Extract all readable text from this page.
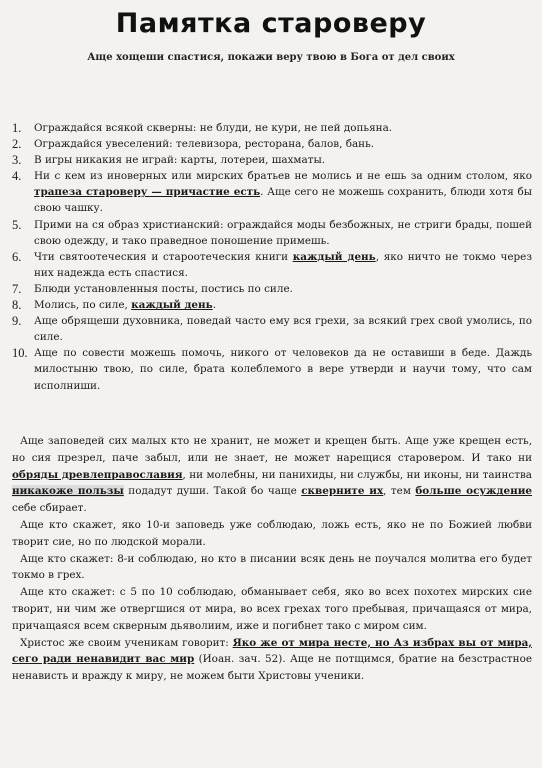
Памятка староверу
Аще хощеши спастися, покажи веру твою в Бога от дел своих
1.	Ограждайся всякой скверны: не блуди, не кури, не пей допьяна.
2.	Ограждайся увеселений: телевизора, ресторана, балов, бань.
3.	В игры никакия не играй: карты, лотереи, шахматы.
4.	Ни с кем из иноверных или мирских братьев не молись и не ешь за одним столом, яко трапеза староверу — причастие есть. Аще сего не можешь сохранить, блюди хотя бы свою чашку.
5.	Прими на ся образ христианский: ограждайся моды безбожных, не стриги брады, пошей свою одежду, и тако праведное поношение примешь.
6.	Чти святоотеческия и староотеческия книги каждый день, яко ничто не токмо через них надежда есть спастися.
7.	Блюди установленныя посты, постись по силе.
8.	Молись, по силе, каждый день.
9.	Аще обрящеши духовника, поведай часто ему вся грехи, за всякий грех свой умолись, по силе.
10. Аще по совести можешь помочь, никого от человеков да не оставиши в беде. Даждь милостыню твою, по силе, брата колеблемого в вере утверди и научи тому, что сам исполниши.
Аще заповедей сих малых кто не хранит, не может и крещен быть. Аще уже крещен есть, но сия презрел, паче забыл, или не знает, не может нарещися старовером. И тако ни обряды древлеправославия, ни молебны, ни панихиды, ни службы, ни иконы, ни таинства никакоже пользы подадут души. Такой бо чаще скверните их, тем больше осуждение себе сбирает.
Аще кто скажет, яко 10-и заповедь уже соблюдаю, ложь есть, яко не по Божией любви творит сие, но по людской морали.
Аще кто скажет: 8-и соблюдаю, но кто в писании всяк день не поучался молитва его будет токмо в грех.
Аще кто скажет: с 5 по 10 соблюдаю, обманывает себя, яко во всех похотех мирских сие творит, ни чим же отвергшися от мира, во всех грехах того пребывая, причащаяся от мира, причащаяся всем скверным дьяволиим, иже и погибнет тако с миром сим.
Христос же своим ученикам говорит: Яко же от мира несте, но Аз избрах вы от мира, сего ради ненавидит вас мир (Иоан. зач. 52). Аще не потщимся, братие на безстрастное ненависть и вражду к миру, не можем быти Христовы ученики.
